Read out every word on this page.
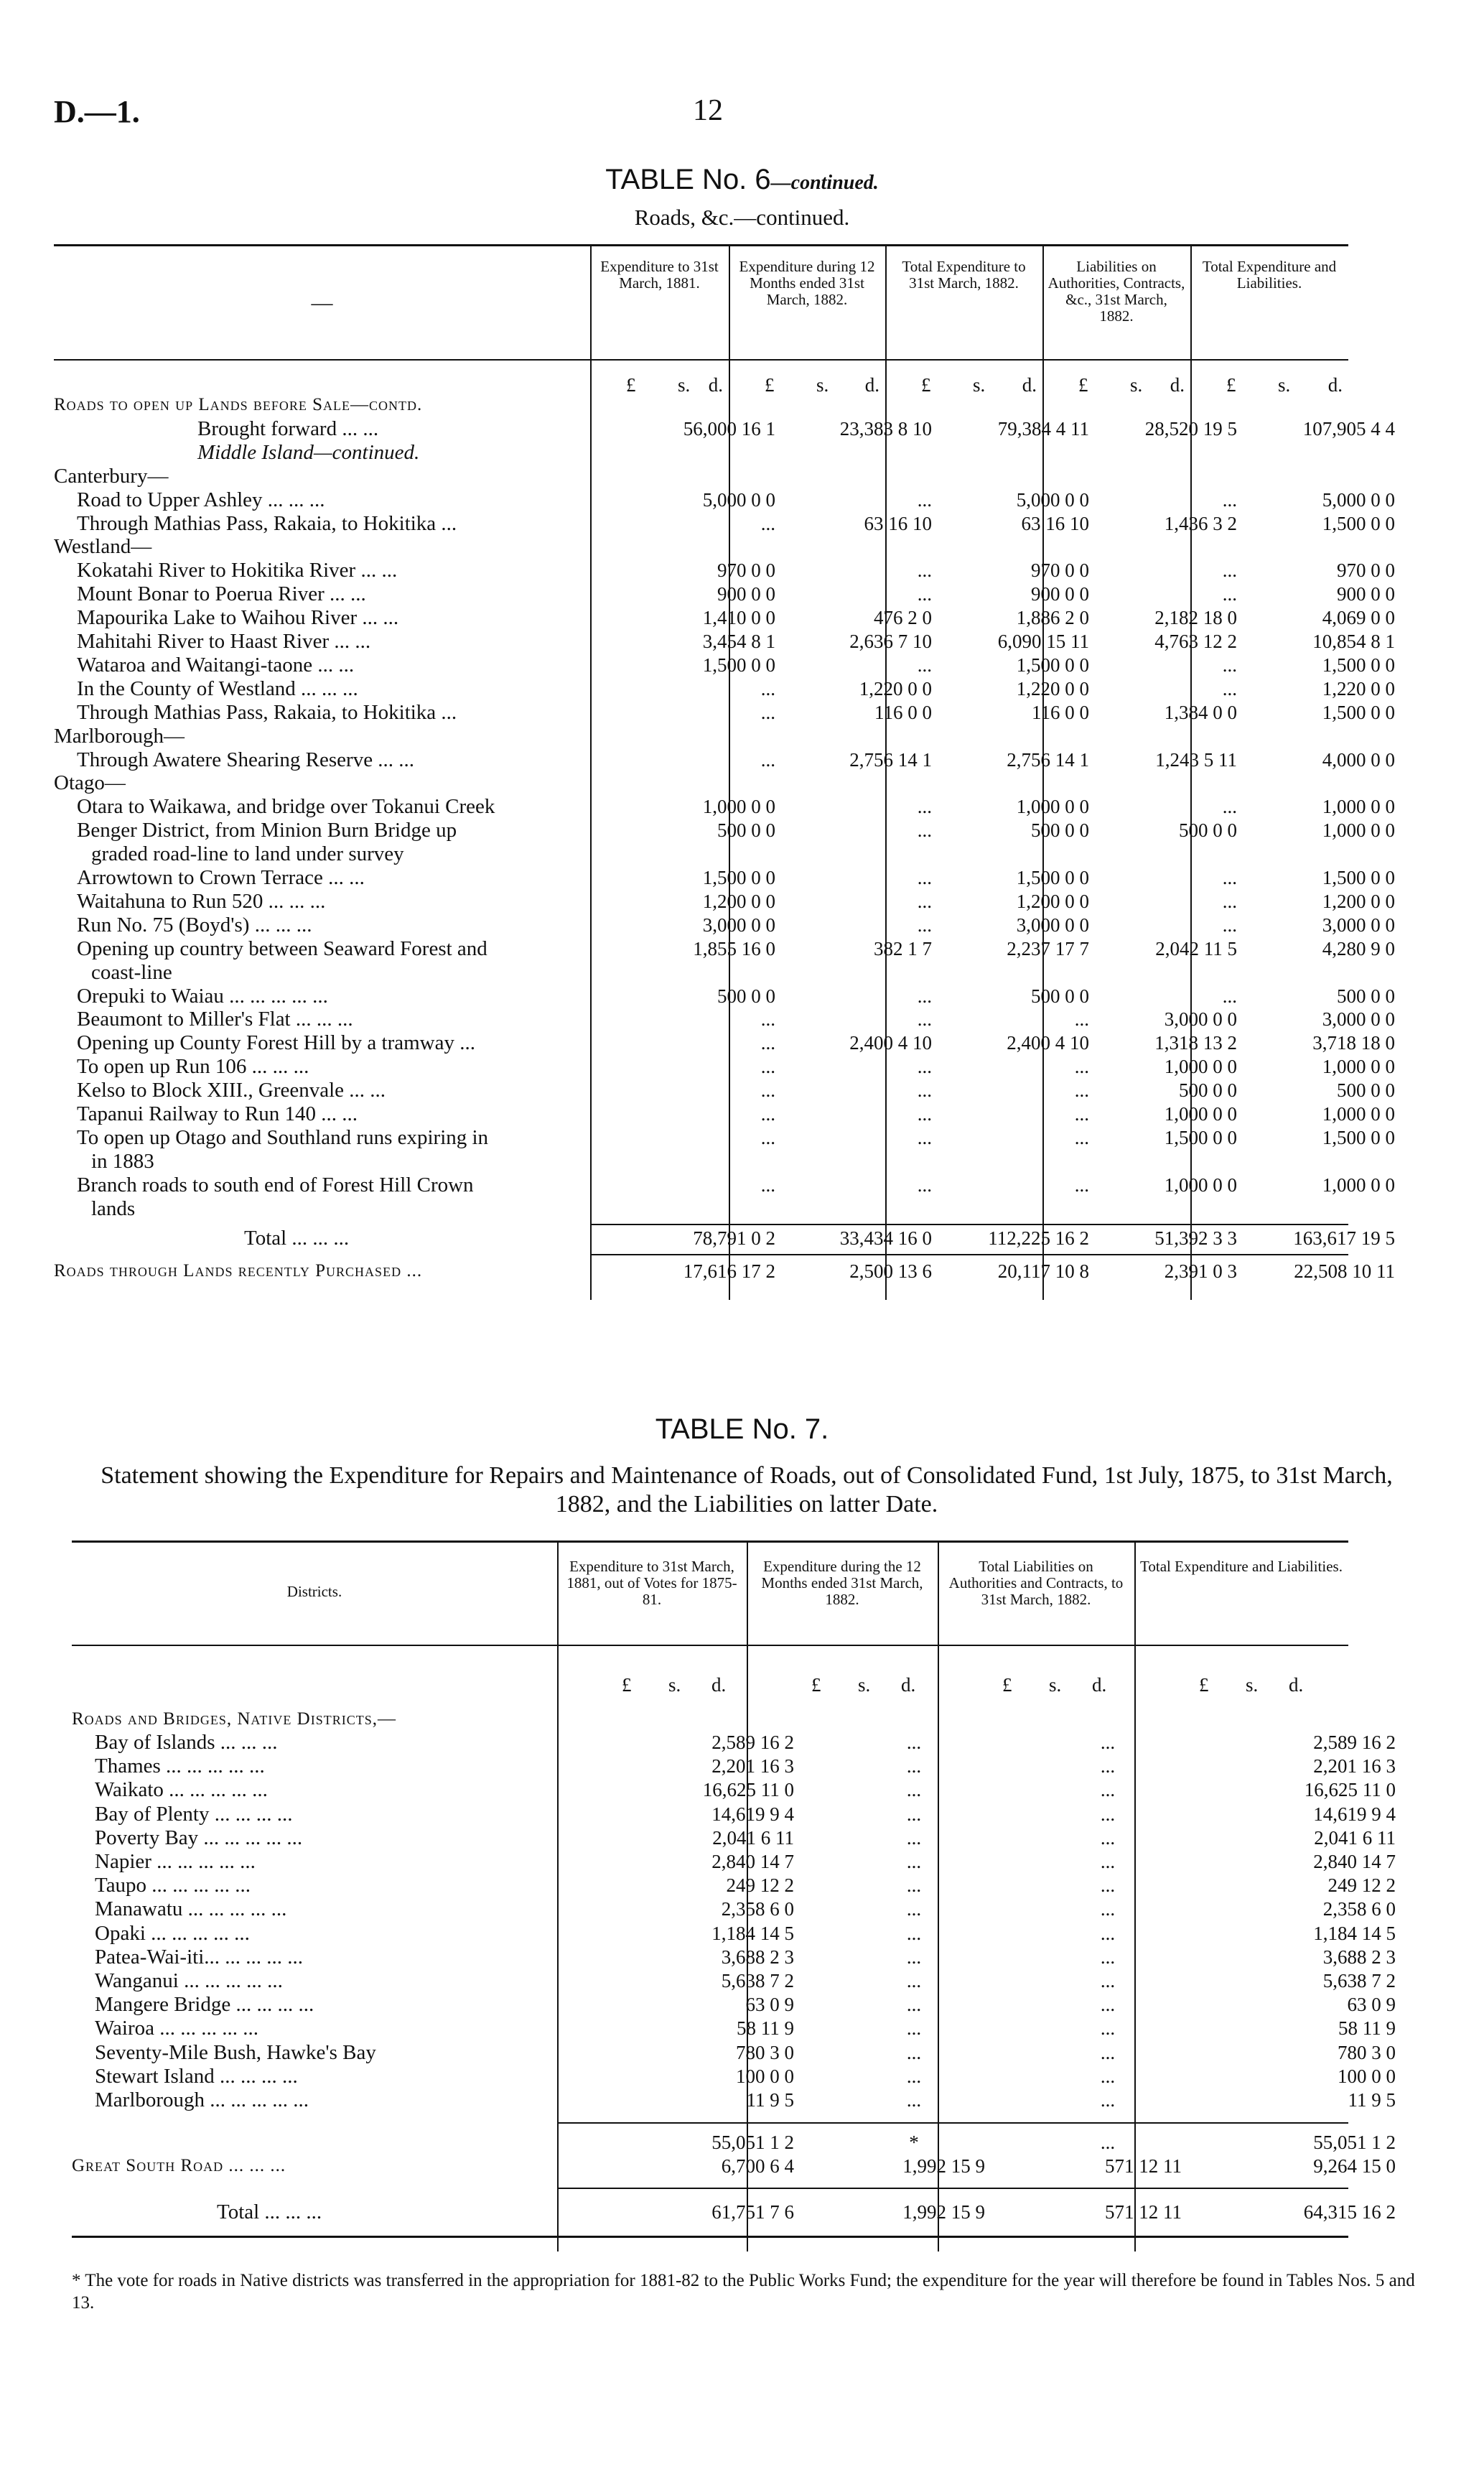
D.—1.	12
TABLE No. 6—continued.
Roads, &c.—continued.
—
Expenditure to 31st March, 1881.
£ s. d.
Expenditure during 12 Months ended 31st March, 1882.
£ s. d.
Total Expenditure to 31st March, 1882.
£ s. d.
Liabilities on Authorities, Contracts, &c., 31st March, 1882.
£ s. d.
Total Expenditure and Liabilities.
£ s. d.
Roads to open up Lands before Sale—contd.
Brought forward ... ...	56,000 16 1	23,383 8 10	79,384 4 11	28,520 19 5	107,905 4 4
Middle Island—continued.
Canterbury—
Road to Upper Ashley ... ... ...	5,000 0 0	...	5,000 0 0	...	5,000 0 0
Through Mathias Pass, Rakaia, to Hokitika ...	...	63 16 10	63 16 10	1,436 3 2	1,500 0 0
Westland—
Kokatahi River to Hokitika River ... ...	970 0 0	...	970 0 0	...	970 0 0
Mount Bonar to Poerua River ... ...	900 0 0	...	900 0 0	...	900 0 0
Mapourika Lake to Waihou River ... ...	1,410 0 0	476 2 0	1,886 2 0	2,182 18 0	4,069 0 0
Mahitahi River to Haast River ... ...	3,454 8 1	2,636 7 10	6,090 15 11	4,763 12 2	10,854 8 1
Wataroa and Waitangi-taone ... ...	1,500 0 0	...	1,500 0 0	...	1,500 0 0
In the County of Westland ... ... ...	...	1,220 0 0	1,220 0 0	...	1,220 0 0
Through Mathias Pass, Rakaia, to Hokitika ...	...	116 0 0	116 0 0	1,384 0 0	1,500 0 0
Marlborough—
Through Awatere Shearing Reserve ... ...	...	2,756 14 1	2,756 14 1	1,243 5 11	4,000 0 0
Otago—
Otara to Waikawa, and bridge over Tokanui Creek	1,000 0 0	...	1,000 0 0	...	1,000 0 0
Benger District, from Minion Burn Bridge up	500 0 0	...	500 0 0	500 0 0	1,000 0 0
graded road-line to land under survey
Arrowtown to Crown Terrace ... ...	1,500 0 0	...	1,500 0 0	...	1,500 0 0
Waitahuna to Run 520 ... ... ...	1,200 0 0	...	1,200 0 0	...	1,200 0 0
Run No. 75 (Boyd's) ... ... ...	3,000 0 0	...	3,000 0 0	...	3,000 0 0
Opening up country between Seaward Forest and	1,855 16 0	382 1 7	2,237 17 7	2,042 11 5	4,280 9 0
coast-line
Orepuki to Waiau ... ... ... ... ...	500 0 0	...	500 0 0	...	500 0 0
Beaumont to Miller's Flat ... ... ...	...	...	...	3,000 0 0	3,000 0 0
Opening up County Forest Hill by a tramway ...	...	2,400 4 10	2,400 4 10	1,318 13 2	3,718 18 0
To open up Run 106 ... ... ...	...	...	...	1,000 0 0	1,000 0 0
Kelso to Block XIII., Greenvale ... ...	...	...	...	500 0 0	500 0 0
Tapanui Railway to Run 140 ... ...	...	...	...	1,000 0 0	1,000 0 0
To open up Otago and Southland runs expiring in	...	...	...	1,500 0 0	1,500 0 0
in 1883
Branch roads to south end of Forest Hill Crown	...	...	...	1,000 0 0	1,000 0 0
lands
Total ... ... ...	78,791 0 2	33,434 16 0	112,225 16 2	51,392 3 3	163,617 19 5
Roads through Lands recently Purchased ...	17,616 17 2	2,500 13 6	20,117 10 8	2,391 0 3	22,508 10 11
TABLE No. 7.
Statement showing the Expenditure for Repairs and Maintenance of Roads, out of Consolidated Fund, 1st July, 1875, to 31st March, 1882, and the Liabilities on latter Date.
Districts.
Expenditure to 31st March, 1881, out of Votes for 1875-81.
£ s. d.
Expenditure during the 12 Months ended 31st March, 1882.
£ s. d.
Total Liabilities on Authorities and Contracts, to 31st March, 1882.
£ s. d.
Total Expenditure and Liabilities.
£ s. d.
Roads and Bridges, Native Districts,—
Bay of Islands ... ... ...	2,589 16 2	...	...	2,589 16 2
Thames ... ... ... ... ...	2,201 16 3	...	...	2,201 16 3
Waikato ... ... ... ... ...	16,625 11 0	...	...	16,625 11 0
Bay of Plenty ... ... ... ...	14,619 9 4	...	...	14,619 9 4
Poverty Bay ... ... ... ... ...	2,041 6 11	...	...	2,041 6 11
Napier ... ... ... ... ...	2,840 14 7	...	...	2,840 14 7
Taupo ... ... ... ... ...	249 12 2	...	...	249 12 2
Manawatu ... ... ... ... ...	2,358 6 0	...	...	2,358 6 0
Opaki ... ... ... ... ...	1,184 14 5	...	...	1,184 14 5
Patea-Wai-iti... ... ... ... ...	3,688 2 3	...	...	3,688 2 3
Wanganui ... ... ... ... ...	5,638 7 2	...	...	5,638 7 2
Mangere Bridge ... ... ... ...	63 0 9	...	...	63 0 9
Wairoa ... ... ... ... ...	58 11 9	...	...	58 11 9
Seventy-Mile Bush, Hawke's Bay	780 3 0	...	...	780 3 0
Stewart Island ... ... ... ...	100 0 0	...	...	100 0 0
Marlborough ... ... ... ... ...	11 9 5	...	...	11 9 5
55,051 1 2	*	...	55,051 1 2
Great South Road ... ... ...	6,700 6 4	1,992 15 9	571 12 11	9,264 15 0
Total ... ... ...	61,751 7 6	1,992 15 9	571 12 11	64,315 16 2
* The vote for roads in Native districts was transferred in the appropriation for 1881-82 to the Public Works Fund; the expenditure for the year will therefore be found in Tables Nos. 5 and 13.
